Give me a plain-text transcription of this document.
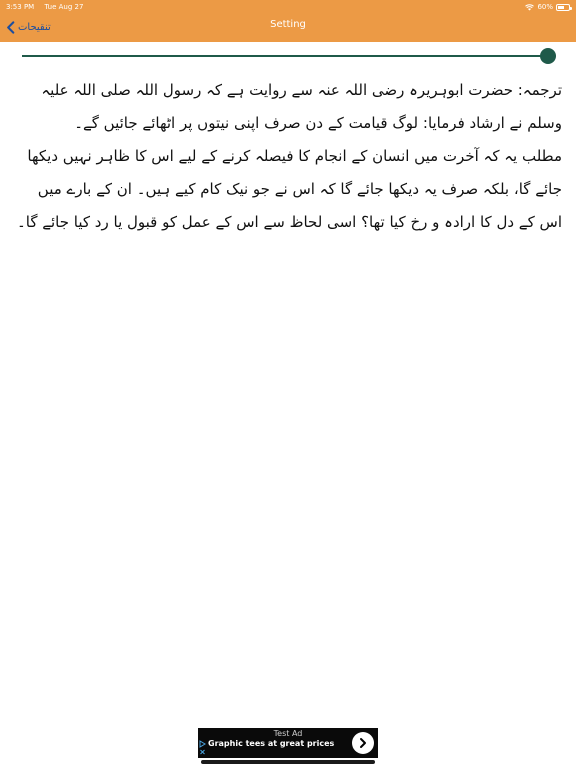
3:53 PM Tue Aug 27	60%
تنقیحات	Setting

ترجمہ: حضرت ابوہریرہ رضی اللہ عنہ سے روایت ہے کہ رسول اللہ صلی اللہ علیہ وسلم نے ارشاد فرمایا: لوگ قیامت کے دن صرف اپنی نیتوں پر اٹھائے جائیں گے۔

مطلب یہ کہ آخرت میں انسان کے انجام کا فیصلہ کرنے کے لیے اس کا ظاہر نہیں دیکھا جائے گا، بلکہ صرف یہ دیکھا جائے گا کہ اس نے جو نیک کام کیے ہیں۔ ان کے بارے میں اس کے دل کا ارادہ و رخ کیا تھا؟ اسی لحاظ سے اس کے عمل کو قبول یا رد کیا جائے گا۔

Test Ad
Graphic tees at great prices
